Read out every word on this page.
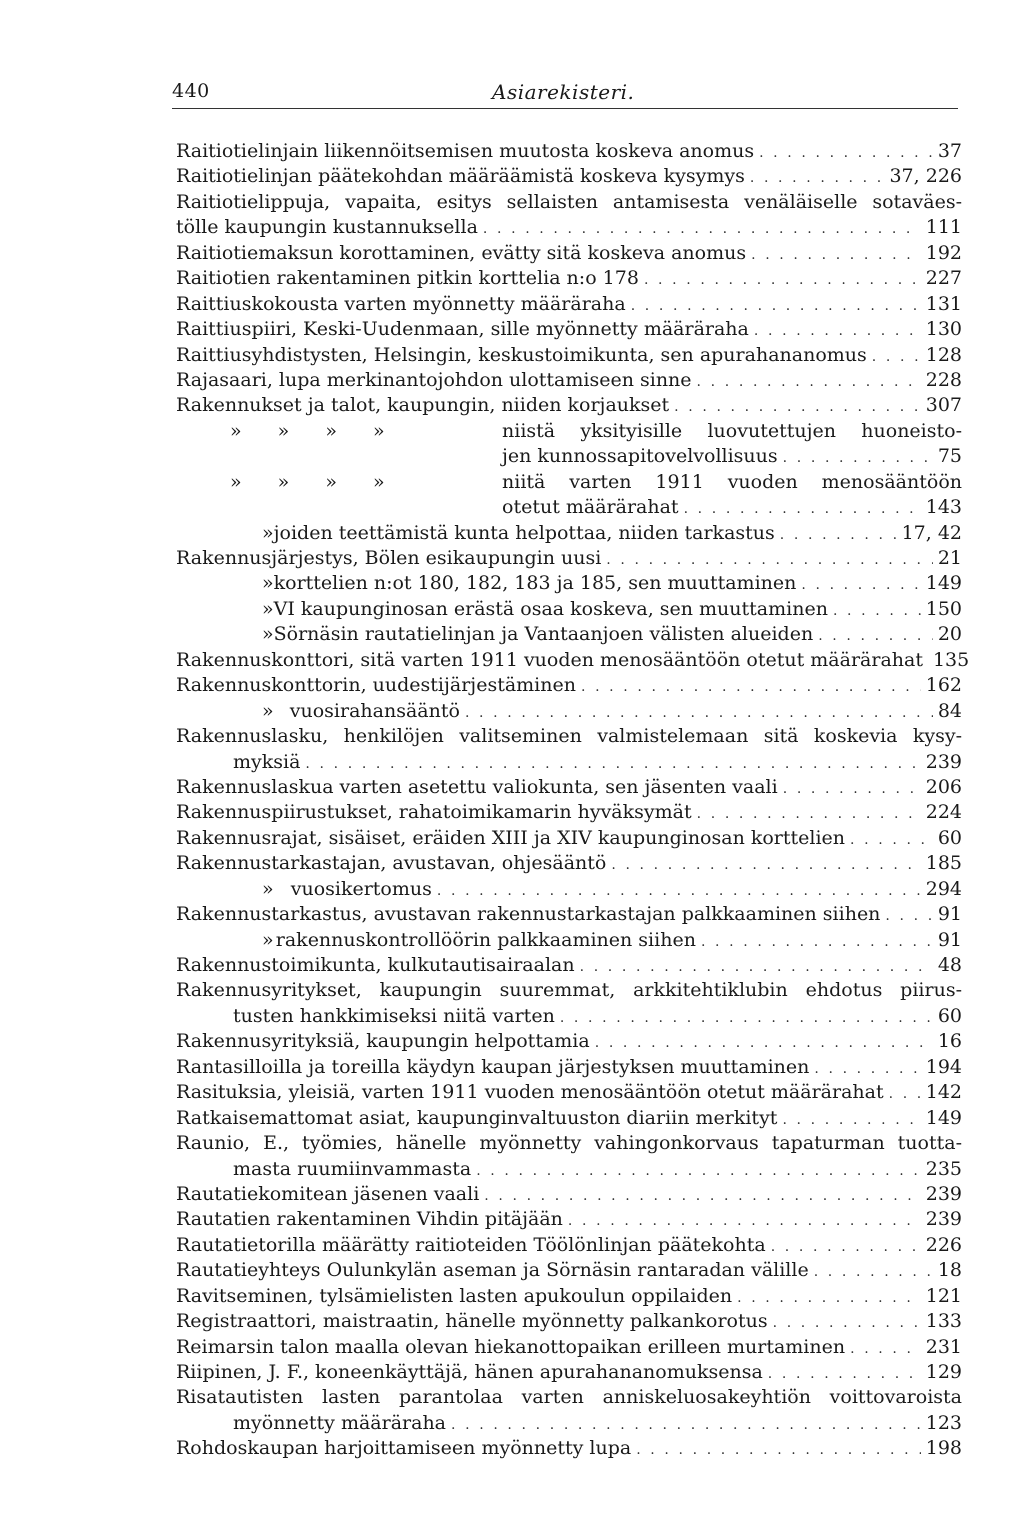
440	Asiarekisteri.
Raitiotielinjain liikennöitsemisen muutosta koskeva anomus . . .	37
Raitiotielinjan päätekohdan määräämistä koskeva kysymys . . .	37, 226
Raitiotielippuja, vapaita, esitys sellaisten antamisesta venäläiselle sotaväes-
tölle kaupungin kustannuksella . . .	111
Raitiotiemaksun korottaminen, evätty sitä koskeva anomus . . .	192
Raitiotien rakentaminen pitkin korttelia n:o 178 . . .	227
Raittiuskokousta varten myönnetty määräraha . . .	131
Raittiuspiiri, Keski-Uudenmaan, sille myönnetty määräraha . . .	130
Raittiusyhdistysten, Helsingin, keskustoimikunta, sen apurahananomus . . .	128
Rajasaari, lupa merkinantojohdon ulottamiseen sinne . . .	228
Rakennukset ja talot, kaupungin, niiden korjaukset . . .	307
» » » »	niistä yksityisille luovutettujen huoneisto-
jen kunnossapitovelvollisuus . . .	75
» » » »	niitä varten 1911 vuoden menosääntöön
otetut määrärahat . . .	143
» joiden teettämistä kunta helpottaa, niiden tarkastus . . .	17, 42
Rakennusjärjestys, Bölen esikaupungin uusi . . .	21
» korttelien n:ot 180, 182, 183 ja 185, sen muuttaminen . . .	149
» VI kaupunginosan erästä osaa koskeva, sen muuttaminen . . .	150
» Sörnäsin rautatielinjan ja Vantaanjoen välisten alueiden . . .	20
Rakennuskonttori, sitä varten 1911 vuoden menosääntöön otetut määrärahat 135
Rakennuskonttorin, uudestijärjestäminen . . .	162
» vuosirahansääntö . . .	84
Rakennuslasku, henkilöjen valitseminen valmistelemaan sitä koskevia kysy-
myksiä . . .	239
Rakennuslaskua varten asetettu valiokunta, sen jäsenten vaali . . .	206
Rakennuspiirustukset, rahatoimikamarin hyväksymät . . .	224
Rakennusrajat, sisäiset, eräiden XIII ja XIV kaupunginosan korttelien . . .	60
Rakennustarkastajan, avustavan, ohjesääntö . . .	185
» vuosikertomus . . .	294
Rakennustarkastus, avustavan rakennustarkastajan palkkaaminen siihen . . .	91
» rakennuskontrollöörin palkkaaminen siihen . . .	91
Rakennustoimikunta, kulkutautisairaalan . . .	48
Rakennusyritykset, kaupungin suuremmat, arkkitehtiklubin ehdotus piirus-
tusten hankkimiseksi niitä varten . . .	60
Rakennusyrityksiä, kaupungin helpottamia . . .	16
Rantasilloilla ja toreilla käydyn kaupan järjestyksen muuttaminen . . .	194
Rasituksia, yleisiä, varten 1911 vuoden menosääntöön otetut määrärahat . . . 142
Ratkaisemattomat asiat, kaupunginvaltuuston diariin merkityt . . .	149
Raunio, E., työmies, hänelle myönnetty vahingonkorvaus tapaturman tuotta-
masta ruumiinvammasta . . .	235
Rautatiekomitean jäsenen vaali . . .	239
Rautatien rakentaminen Vihdin pitäjään . . .	239
Rautatietorilla määrätty raitioteiden Töölönlinjan päätekohta . . .	226
Rautatieyhteys Oulunkylän aseman ja Sörnäsin rantaradan välille . . .	18
Ravitseminen, tylsämielisten lasten apukoulun oppilaiden . . .	121
Registraattori, maistraatin, hänelle myönnetty palkankorotus . . .	133
Reimarsin talon maalla olevan hiekanottopaikan erilleen murtaminen . . .	231
Riipinen, J. F., koneenkäyttäjä, hänen apurahananomuksensa . . .	129
Risatautisten lasten parantolaa varten anniskeluosakeyhtiön voittovaroista
myönnetty määräraha . . .	123
Rohdoskaupan harjoittamiseen myönnetty lupa . . .	198
